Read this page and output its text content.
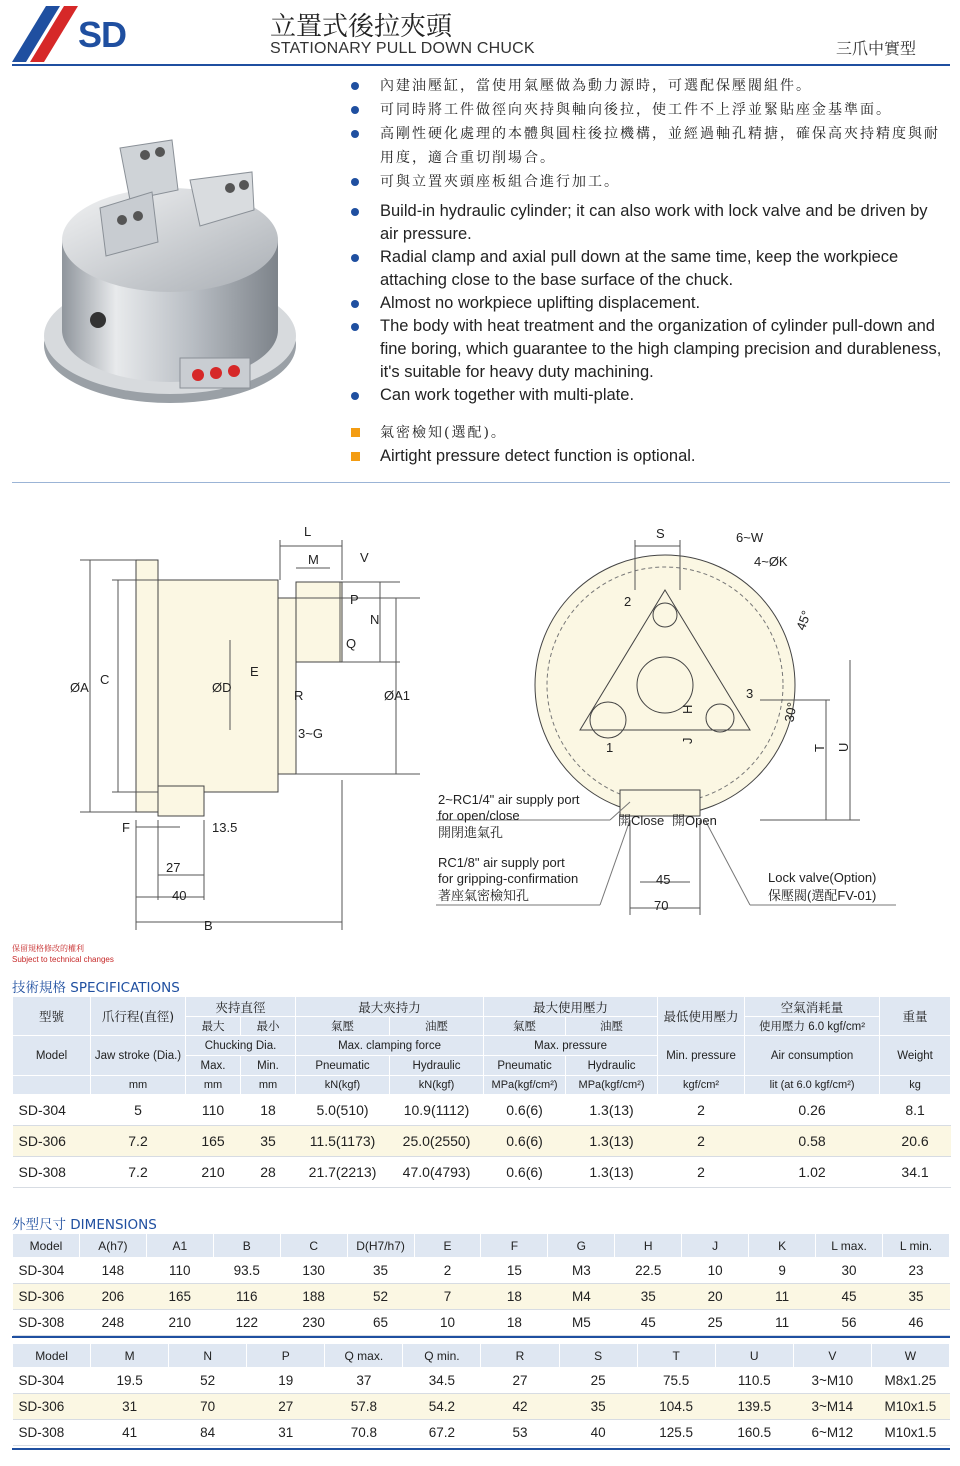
SD	立置式後拉夾頭
STATIONARY PULL DOWN CHUCK	三爪中實型
內建油壓缸，當使用氣壓做為動力源時，可選配保壓閥組件。
可同時將工件做徑向夾持與軸向後拉，使工件不上浮並緊貼座金基準面。
高剛性硬化處理的本體與圓柱後拉機構，並經過軸孔精搪，確保高夾持精度與耐用度，適合重切削場合。
可與立置夾頭座板組合進行加工。
Build-in hydraulic cylinder; it can also work with lock valve and be driven by air pressure.
Radial clamp and axial pull down at the same time, keep the workpiece attaching close to the base surface of the chuck.
Almost no workpiece uplifting displacement.
The body with heat treatment and the organization of cylinder pull-down and fine boring, which guarantee to the high clamping precision and durableness, it's suitable for heavy duty machining.
Can work together with multi-plate.
氣密檢知(選配)。
Airtight pressure detect function is optional.
L
M	V
P
N
Q
ØA
C
ØD
E
R	ØA1
3~G
F	13.5
27
40
B
S	6~W
4~ØK
45°
30°
H
J
T U
1
2
3
開Close 開Open
45
70
2~RC1/4" air supply port
for open/close
開閉進氣孔
RC1/8" air supply port
for gripping-confirmation
著座氣密檢知孔
Lock valve(Option)
保壓閥(選配FV-01)
保留規格修改的權利
Subject to technical changes
技術規格 SPECIFICATIONS
型號	爪行程(直徑)	夾持直徑		最大夾持力		最大使用壓力		最低使用壓力	空氣消耗量	重量
		最大	最小	氣壓	油壓	氣壓	油壓		使用壓力 6.0 kgf/cm²	
Model	Jaw stroke (Dia.)	Chucking Dia.		Max. clamping force		Max. pressure		Min. pressure	Air consumption	Weight
		Max.	Min.	Pneumatic	Hydraulic	Pneumatic	Hydraulic			
	mm	mm	mm	kN(kgf)	kN(kgf)	MPa(kgf/cm²)	MPa(kgf/cm²)	kgf/cm²	lit (at 6.0 kgf/cm²)	kg
SD-304	5	110	18	5.0(510)	10.9(1112)	0.6(6)	1.3(13)	2	0.26	8.1
SD-306	7.2	165	35	11.5(1173)	25.0(2550)	0.6(6)	1.3(13)	2	0.58	20.6
SD-308	7.2	210	28	21.7(2213)	47.0(4793)	0.6(6)	1.3(13)	2	1.02	34.1
外型尺寸 DIMENSIONS
Model	A(h7)	A1	B	C	D(H7/h7)	E	F	G	H	J	K	L max.	L min.
SD-304	148	110	93.5	130	35	2	15	M3	22.5	10	9	30	23
SD-306	206	165	116	188	52	7	18	M4	35	20	11	45	35
SD-308	248	210	122	230	65	10	18	M5	45	25	11	56	46
Model	M	N	P	Q max.	Q min.	R	S	T	U	V	W
SD-304	19.5	52	19	37	34.5	27	25	75.5	110.5	3~M10	M8x1.25
SD-306	31	70	27	57.8	54.2	42	35	104.5	139.5	3~M14	M10x1.5
SD-308	41	84	31	70.8	67.2	53	40	125.5	160.5	6~M12	M10x1.5
